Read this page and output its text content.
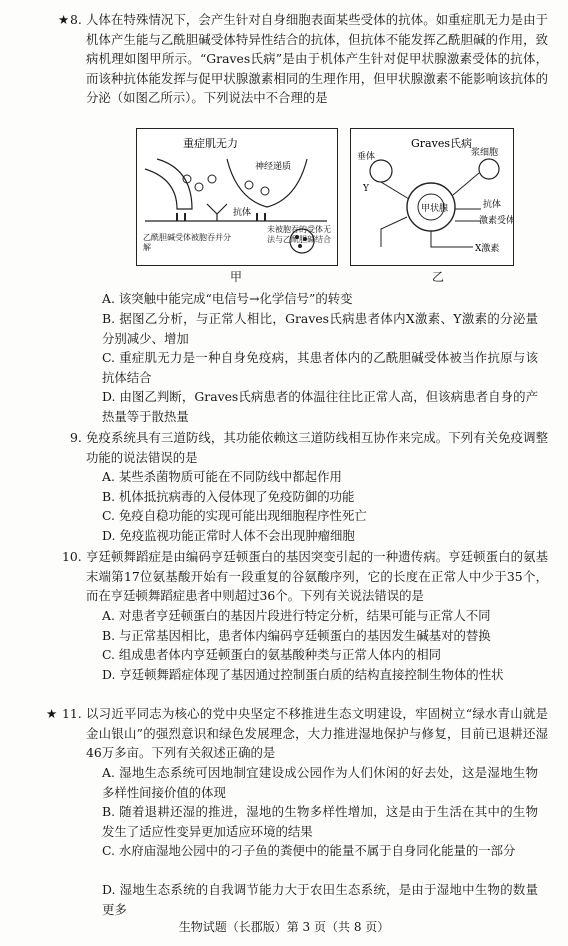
★ 8. 人体在特殊情况下，会产生针对自身细胞表面某些受体的抗体。如重症肌无力是由于机体产生能与乙酰胆碱受体特异性结合的抗体，但抗体不能发挥乙酰胆碱的作用，致病机理如图甲所示。“Graves氏病”是由于机体产生针对促甲状腺激素受体的抗体，而该种抗体能发挥与促甲状腺激素相同的生理作用，但甲状腺激素不能影响该抗体的分泌（如图乙所示）。下列说法中不合理的是

重症肌无力
神经递质
抗体
未被胞吞的受体无法与乙酰胆碱结合
乙酰胆碱受体被胞吞并分解
甲
Graves氏病
垂体	浆细胞
甲状腺	抗体
激素受体
X激素
Y
乙

A. 该突触中能完成“电信号→化学信号”的转变

B. 据图乙分析，与正常人相比，Graves氏病患者体内X激素、Y激素的分泌量分别减少、增加

C. 重症肌无力是一种自身免疫病，其患者体内的乙酰胆碱受体被当作抗原与该抗体结合

D. 由图乙判断，Graves氏病患者的体温往往比正常人高，但该病患者自身的产热量等于散热量

9. 免疫系统具有三道防线，其功能依赖这三道防线相互协作来完成。下列有关免疫调整功能的说法错误的是

A. 某些杀菌物质可能在不同防线中都起作用

B. 机体抵抗病毒的入侵体现了免疫防御的功能

C. 免疫自稳功能的实现可能出现细胞程序性死亡

D. 免疫监视功能正常时人体不会出现肿瘤细胞

10. 亨廷顿舞蹈症是由编码亨廷顿蛋白的基因突变引起的一种遗传病。亨廷顿蛋白的氨基末端第17位氨基酸开始有一段重复的谷氨酸序列，它的长度在正常人中少于35个，而在亨廷顿舞蹈症患者中则超过36个。下列有关说法错误的是

A. 对患者亨廷顿蛋白的基因片段进行特定分析，结果可能与正常人不同

B. 与正常基因相比，患者体内编码亨廷顿蛋白的基因发生碱基对的替换

C. 组成患者体内亨廷顿蛋白的氨基酸种类与正常人体内的相同

D. 亨廷顿舞蹈症体现了基因通过控制蛋白质的结构直接控制生物体的性状

★ 11. 以习近平同志为核心的党中央坚定不移推进生态文明建设，牢固树立“绿水青山就是金山银山”的强烈意识和绿色发展理念，大力推进湿地保护与修复，目前已退耕还湿46万多亩。下列有关叙述正确的是

A. 湿地生态系统可因地制宜建设成公园作为人们休闲的好去处，这是湿地生物多样性间接价值的体现

B. 随着退耕还湿的推进，湿地的生物多样性增加，这是由于生活在其中的生物发生了适应性变异更加适应环境的结果

C. 水府庙湿地公园中的刁子鱼的粪便中的能量不属于自身同化能量的一部分

D. 湿地生态系统的自我调节能力大于农田生态系统，是由于湿地中生物的数量更多

生物试题（长郡版）第 3 页（共 8 页）
